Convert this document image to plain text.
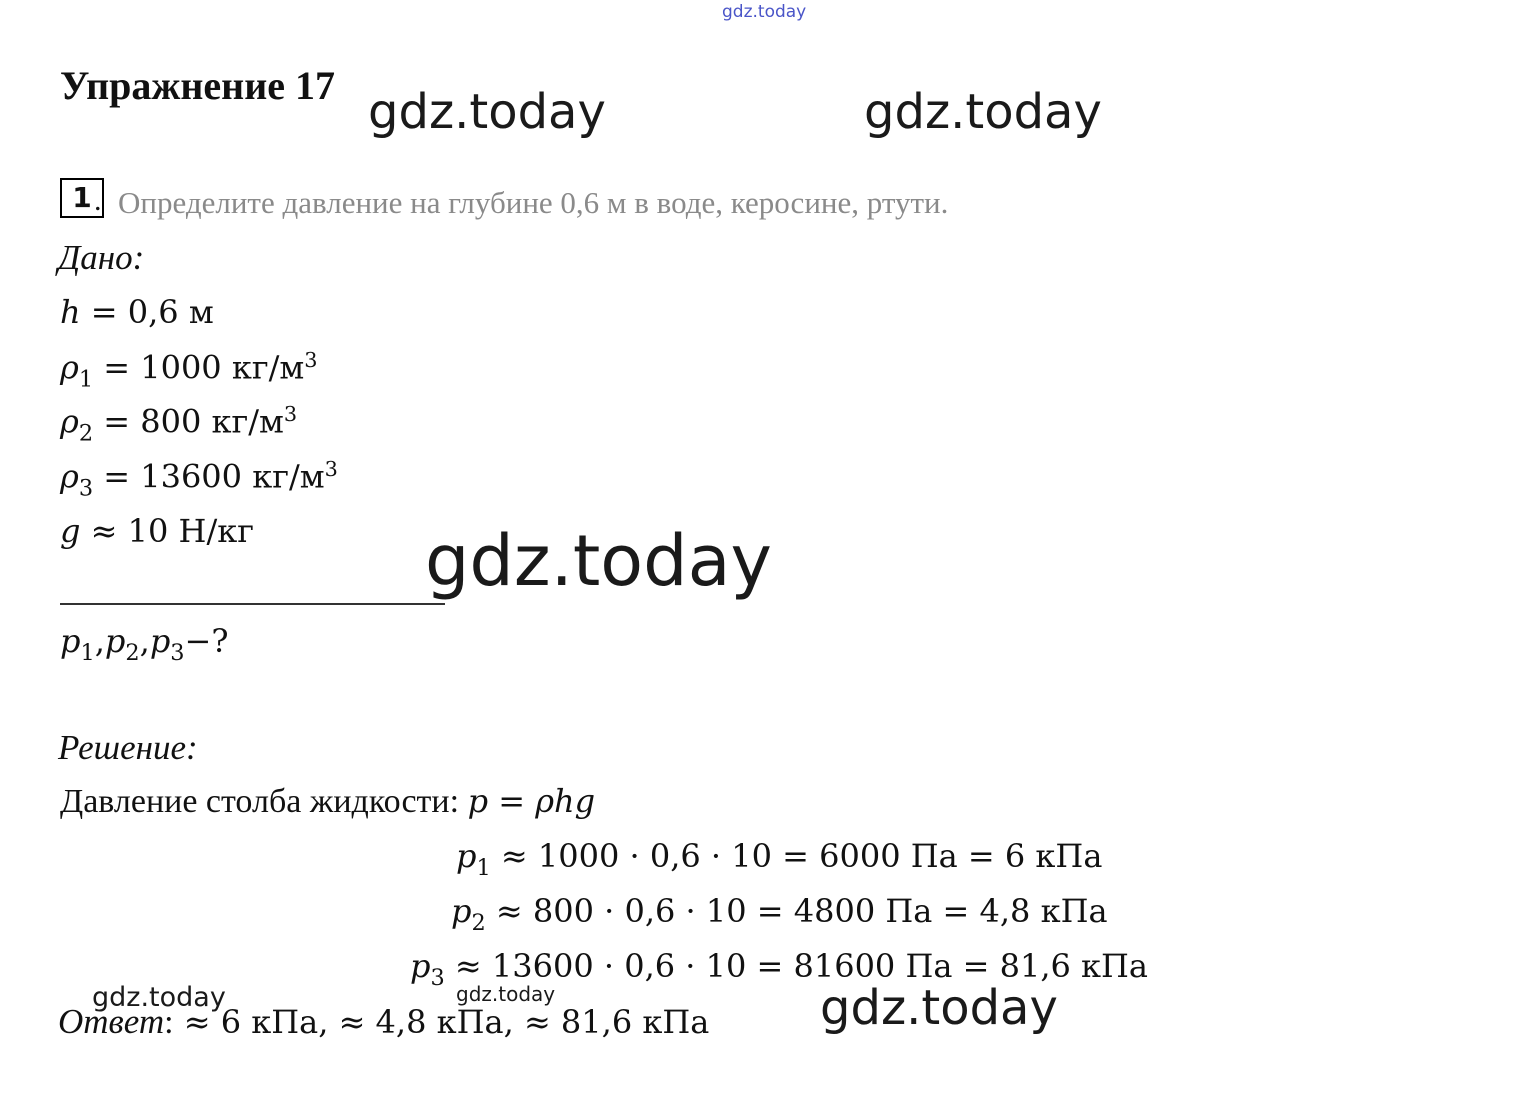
gdz.today
gdz.today	gdz.today
gdz.today
gdz.today	gdz.today	gdz.today
Упражнение 17
1 . Определите давление на глубине 0,6 м в воде, керосине, ртути.
Дано:
h = 0,6 м
$\rho_1 = 1000$ $кг/м^3$
$\rho_2 = 800$ $кг/м^3$
$\rho_3 = 13600$ $кг/м^3$
g ≈ 10 Н/кг
$p_1,p_2,p_3-$?
Решение:
Давление столба жидкости: p = ρhg
$p_1 \approx 1000 \cdot 0,6 \cdot 10 = 6000$ Па = 6 кПа
$p_2 \approx 800 \cdot 0,6 \cdot 10 = 4800$ Па = 4,8 кПа
$p_3 \approx 13600 \cdot 0,6 \cdot 10 = 81600$ Па = 81,6 кПа
Ответ: ≈ 6 кПа, ≈ 4,8 кПа, ≈ 81,6 кПа
